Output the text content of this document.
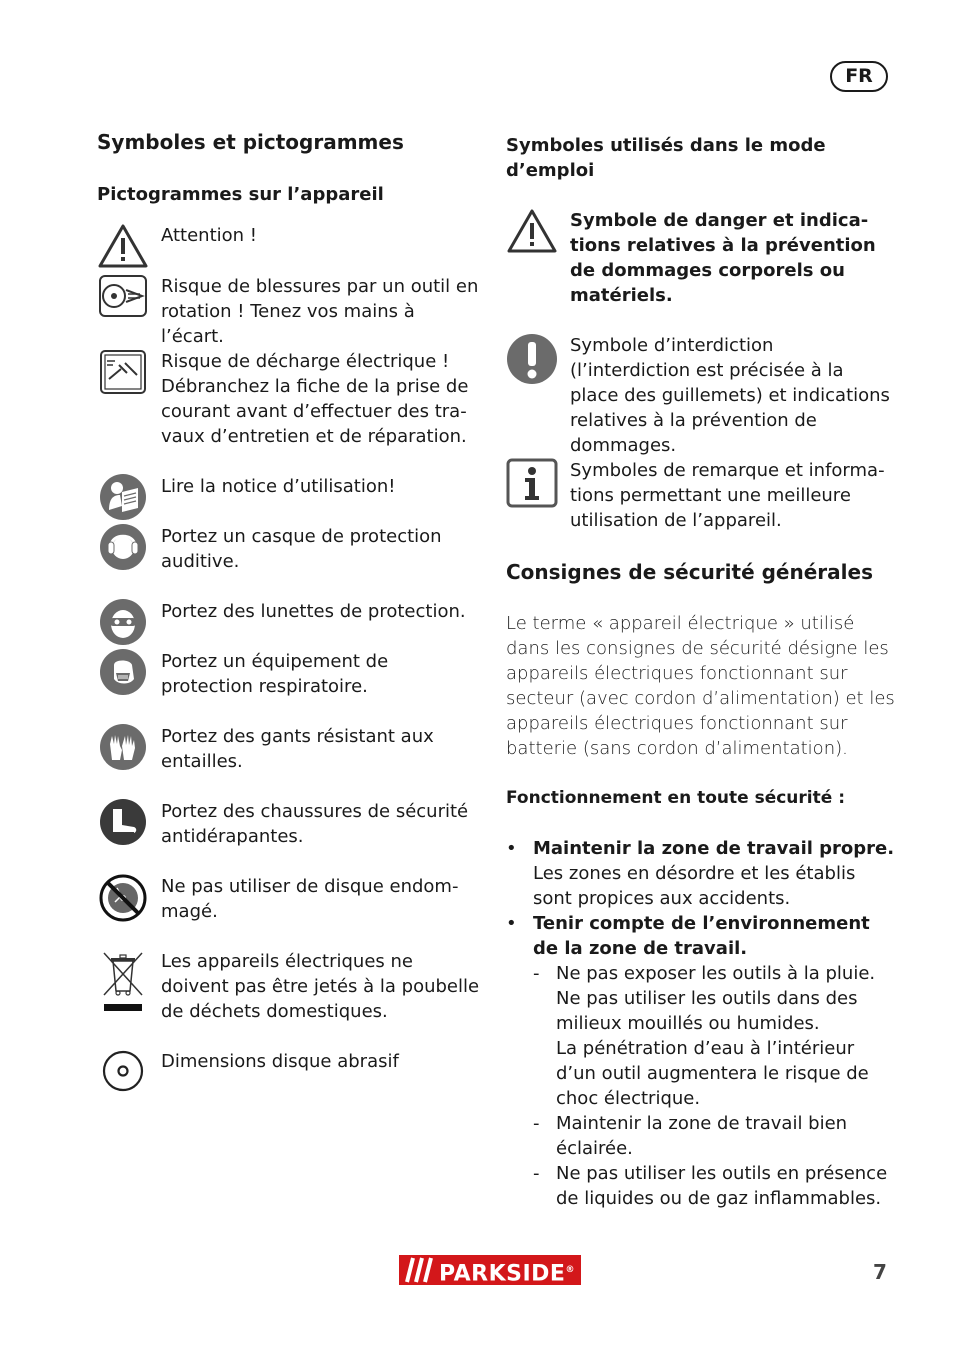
FR
Symboles et pictogrammes
Pictogrammes sur l’appareil
Attention !
Risque de blessures par un outil en rotation ! Tenez vos mains à l’écart.
Risque de décharge électrique ! Débranchez la fiche de la prise de courant avant d’effectuer des travaux d’entretien et de réparation.
Lire la notice d’utilisation!
Portez un casque de protection auditive.
Portez des lunettes de protection.
Portez un équipement de protection respiratoire.
Portez des gants résistant aux entailles.
Portez des chaussures de sécurité antidérapantes.
Ne pas utiliser de disque endommagé.
Les appareils électriques ne doivent pas être jetés à la poubelle de déchets domestiques.
Dimensions disque abrasif
Symboles utilisés dans le mode d’emploi
Symbole de danger et indications relatives à la prévention de dommages corporels ou matériels.
Symbole d’interdiction (l’interdiction est précisée à la place des guillemets) et indications relatives à la prévention de dommages.
Symboles de remarque et informations permettant une meilleure utilisation de l’appareil.
Consignes de sécurité générales
Le terme « appareil électrique » utilisé dans les consignes de sécurité désigne les appareils électriques fonctionnant sur secteur (avec cordon d’alimentation) et les appareils électriques fonctionnant sur batterie (sans cordon d’alimentation).
Fonctionnement en toute sécurité :
• Maintenir la zone de travail propre. Les zones en désordre et les établis sont propices aux accidents.
• Tenir compte de l’environnement de la zone de travail.
- Ne pas exposer les outils à la pluie. Ne pas utiliser les outils dans des milieux mouillés ou humides.
La pénétration d’eau à l’intérieur d’un outil augmentera le risque de choc électrique.
- Maintenir la zone de travail bien éclairée.
- Ne pas utiliser les outils en présence de liquides ou de gaz inflammables.
PARKSIDE®	7
